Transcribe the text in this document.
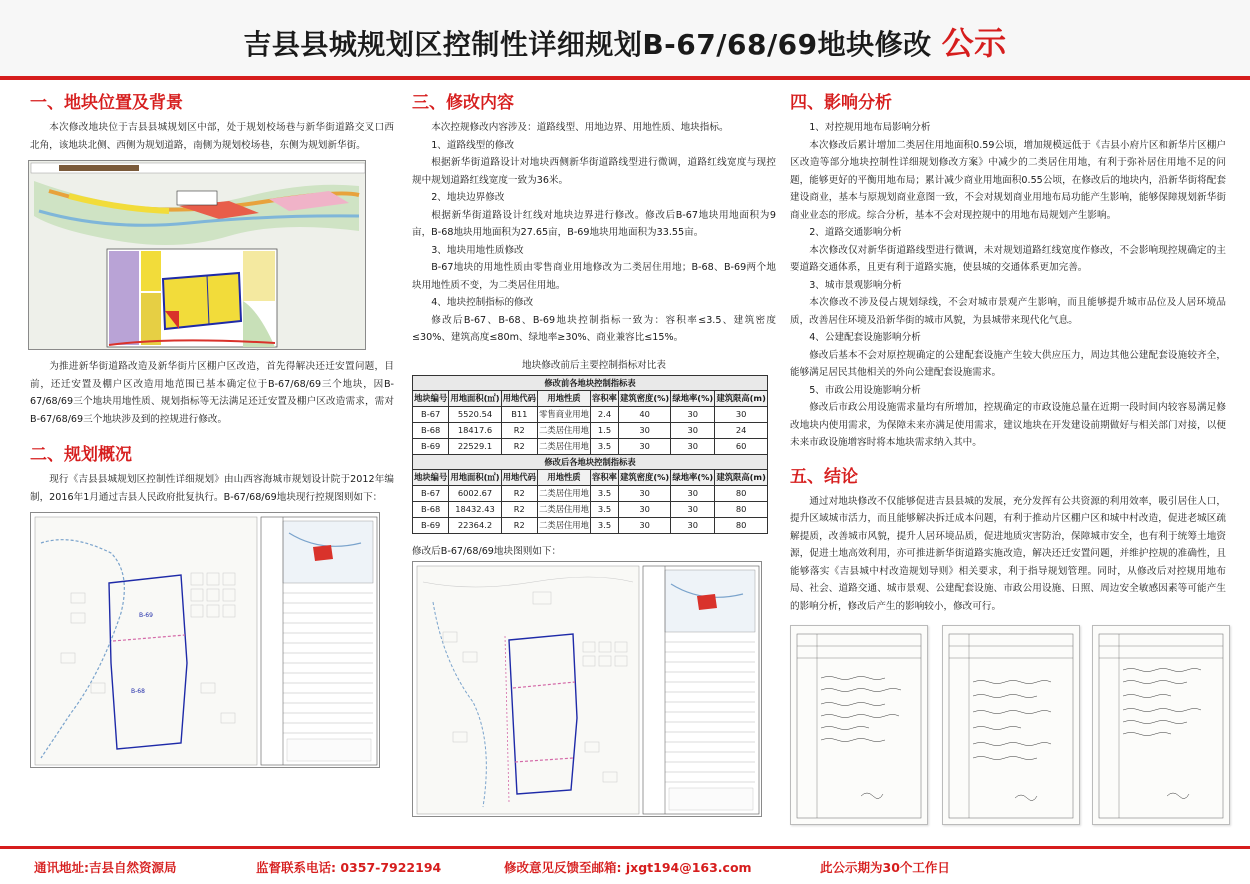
吉县县城规划区控制性详细规划B-67/68/69地块修改 公示
一、地块位置及背景

本次修改地块位于吉县县城规划区中部，处于规划校场巷与新华街道路交叉口西北角，该地块北侧、西侧为规划道路，南侧为规划校场巷，东侧为规划新华街。

为推进新华街道路改造及新华街片区棚户区改造，首先得解决还迁安置问题，目前，还迁安置及棚户区改造用地范围已基本确定位于B-67/68/69三个地块，因B-67/68/69三个地块用地性质、规划指标等无法满足还迁安置及棚户区改造需求，需对B-67/68/69三个地块涉及到的控规进行修改。

二、规划概况

现行《吉县县城规划区控制性详细规划》由山西容海城市规划设计院于2012年编制，2016年1月通过吉县人民政府批复执行。B-67/68/69地块现行控规图则如下：

B-69
B-68
三、修改内容

本次控规修改内容涉及：道路线型、用地边界、用地性质、地块指标。

1、道路线型的修改

根据新华街道路设计对地块西侧新华街道路线型进行微调，道路红线宽度与现控规中规划道路红线宽度一致为36米。

2、地块边界修改

根据新华街道路设计红线对地块边界进行修改。修改后B-67地块用地面积为9亩，B-68地块用地面积为27.65亩，B-69地块用地面积为33.55亩。

3、地块用地性质修改

B-67地块的用地性质由零售商业用地修改为二类居住用地；B-68、B-69两个地块用地性质不变，为二类居住用地。

4、地块控制指标的修改

修改后B-67、B-68、B-69地块控制指标一致为：容积率≤3.5、建筑密度≤30%、建筑高度≤80m、绿地率≥30%、商业兼容比≤15%。

地块修改前后主要控制指标对比表
修改前各地块控制指标表							
地块编号	用地面积(㎡)	用地代码	用地性质	容积率	建筑密度(%)	绿地率(%)	建筑限高(m)
B-67	5520.54	B11	零售商业用地	2.4	40	30	30
B-68	18417.6	R2	二类居住用地	1.5	30	30	24
B-69	22529.1	R2	二类居住用地	3.5	30	30	60
修改后各地块控制指标表							
地块编号	用地面积(㎡)	用地代码	用地性质	容积率	建筑密度(%)	绿地率(%)	建筑限高(m)
B-67	6002.67	R2	二类居住用地	3.5	30	30	80
B-68	18432.43	R2	二类居住用地	3.5	30	30	80
B-69	22364.2	R2	二类居住用地	3.5	30	30	80
修改后B-67/68/69地块图则如下：
四、影响分析

1、对控规用地布局影响分析

本次修改后累计增加二类居住用地面积0.59公顷，增加规模远低于《吉县小府片区和新华片区棚户区改造等部分地块控制性详细规划修改方案》中减少的二类居住用地，有利于弥补居住用地不足的问题，能够更好的平衡用地布局；累计减少商业用地面积0.55公顷，在修改后的地块内，沿新华街将配套建设商业，基本与原规划商业意图一致，不会对规划商业用地布局功能产生影响，能够保障规划新华街商业业态的形成。综合分析，基本不会对现控规中的用地布局规划产生影响。

2、道路交通影响分析

本次修改仅对新华街道路线型进行微调，未对规划道路红线宽度作修改，不会影响现控规确定的主要道路交通体系，且更有利于道路实施，使县城的交通体系更加完善。

3、城市景观影响分析

本次修改不涉及侵占规划绿线，不会对城市景观产生影响，而且能够提升城市品位及人居环境品质，改善居住环境及沿新华街的城市风貌，为县城带来现代化气息。

4、公建配套设施影响分析

修改后基本不会对原控规确定的公建配套设施产生较大供应压力，周边其他公建配套设施较齐全，能够满足居民其他相关的外向公建配套设施需求。

5、市政公用设施影响分析

修改后市政公用设施需求量均有所增加，控规确定的市政设施总量在近期一段时间内较容易满足修改地块内使用需求，为保障未来亦满足使用需求，建议地块在开发建设前期做好与相关部门对接，以便未来市政设施增容时将本地块需求纳入其中。

五、结论

通过对地块修改不仅能够促进吉县县城的发展，充分发挥有公共资源的利用效率，吸引居住人口，提升区域城市活力，而且能够解决拆迁成本问题，有利于推动片区棚户区和城中村改造，促进老城区疏解提质，改善城市风貌，提升人居环境品质，促进地质灾害防治，保障城市安全，也有利于统筹土地资源，促进土地高效利用，亦可推进新华街道路实施改造，解决还迁安置问题，并维护控规的准确性，且能够落实《吉县城中村改造规划导则》相关要求，利于指导规划管理。同时，从修改后对控规用地布局、社会、道路交通、城市景观、公建配套设施、市政公用设施、日照、周边安全敏感因素等可能产生的影响分析，修改后产生的影响较小，修改可行。

通讯地址:吉县自然资源局	监督联系电话: 0357-7922194	修改意见反馈至邮箱: jxgt194@163.com	此公示期为30个工作日
